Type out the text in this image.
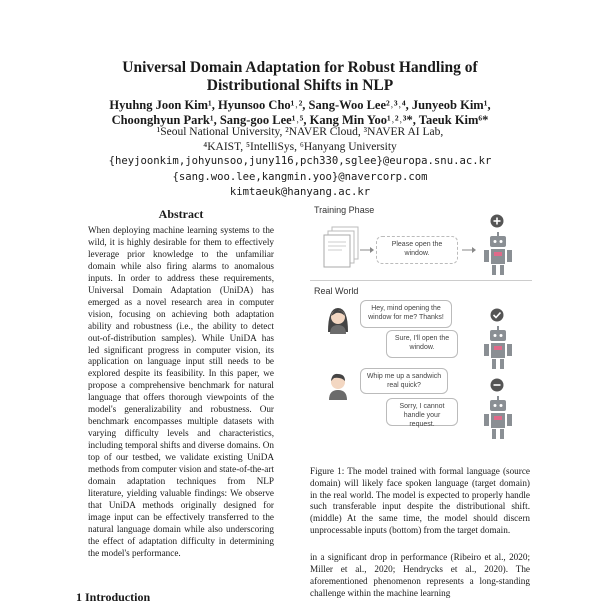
Universal Domain Adaptation for Robust Handling of
Distributional Shifts in NLP
Hyuhng Joon Kim¹, Hyunsoo Cho¹˒², Sang-Woo Lee²˒³˒⁴, Junyeob Kim¹,
Choonghyun Park¹, Sang-goo Lee¹˒⁵, Kang Min Yoo¹˒²˒³*, Taeuk Kim⁶*
¹Seoul National University, ²NAVER Cloud, ³NAVER AI Lab,
⁴KAIST, ⁵IntelliSys, ⁶Hanyang University
{heyjoonkim,johyunsoo,juny116,pch330,sglee}@europa.snu.ac.kr
{sang.woo.lee,kangmin.yoo}@navercorp.com
kimtaeuk@hanyang.ac.kr
Abstract
When deploying machine learning systems to the wild, it is highly desirable for them to effectively leverage prior knowledge to the unfamiliar domain while also firing alarms to anomalous inputs. In order to address these requirements, Universal Domain Adaptation (UniDA) has emerged as a novel research area in computer vision, focusing on achieving both adaptation ability and robustness (i.e., the ability to detect out-of-distribution samples). While UniDA has led significant progress in computer vision, its application on language input still needs to be explored despite its feasibility. In this paper, we propose a comprehensive benchmark for natural language that offers thorough viewpoints of the model's generalizability and robustness. Our benchmark encompasses multiple datasets with varying difficulty levels and characteristics, including temporal shifts and diverse domains. On top of our testbed, we validate existing UniDA methods from computer vision and state-of-the-art domain adaptation techniques from NLP literature, yielding valuable findings: We observe that UniDA methods originally designed for image input can be effectively transferred to the natural language domain while also underscoring the effect of adaptation difficulty in determining the model's performance.
1 Introduction
Training Phase
Please open the window.
Real World
Hey, mind opening the window for me? Thanks!
Sure, I'll open the window.
Whip me up a sandwich real quick?
Sorry, I cannot handle your request.
Figure 1: The model trained with formal language (source domain) will likely face spoken language (target domain) in the real world. The model is expected to properly handle such transferable input despite the distributional shift. (middle) At the same time, the model should discern unprocessable inputs (bottom) from the target domain.
in a significant drop in performance (Ribeiro et al., 2020; Miller et al., 2020; Hendrycks et al., 2020). The aforementioned phenomenon represents a long-standing challenge within the machine learning
